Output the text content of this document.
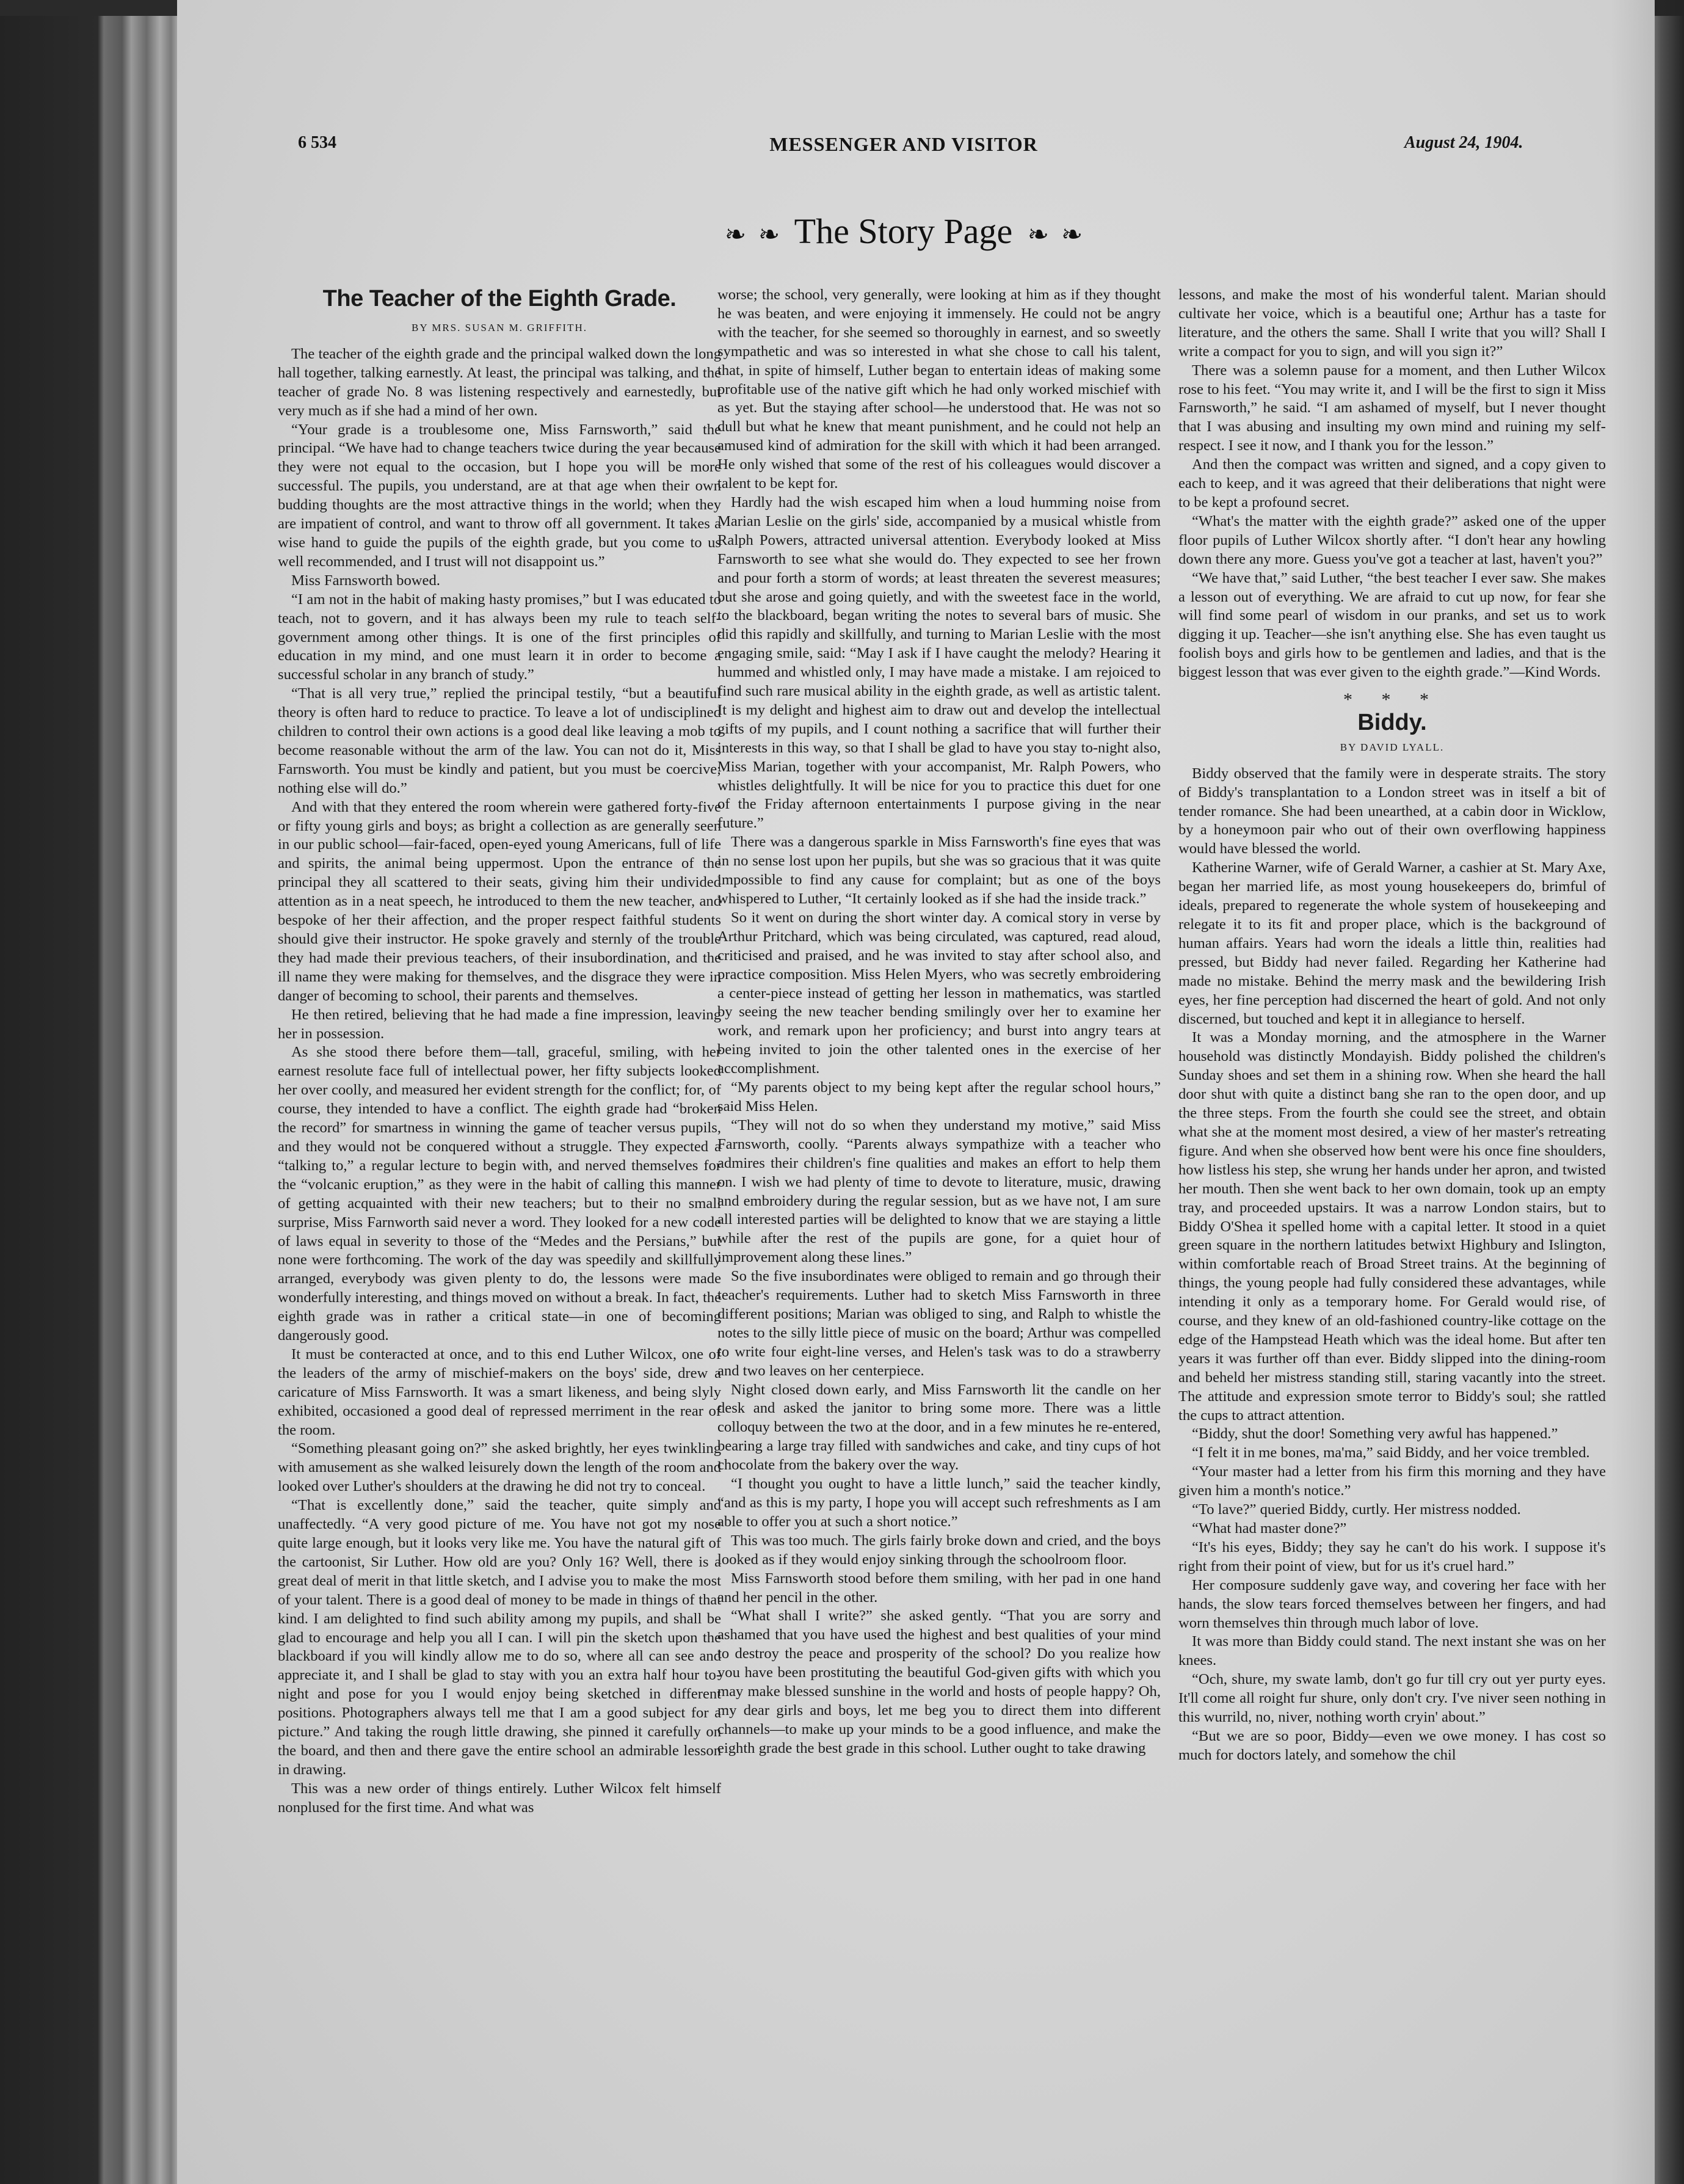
6 534	MESSENGER AND VISITOR	August 24, 1904.
❧ ❧ The Story Page ❧ ❧
The Teacher of the Eighth Grade.
BY MRS. SUSAN M. GRIFFITH.

The teacher of the eighth grade and the principal walked down the long hall together, talking earnestly. At least, the principal was talking, and the teacher of grade No. 8 was listening respectively and earnestedly, but very much as if she had a mind of her own.

“Your grade is a troublesome one, Miss Farnsworth,” said the principal. “We have had to change teachers twice during the year because they were not equal to the occasion, but I hope you will be more successful. The pupils, you understand, are at that age when their own budding thoughts are the most attractive things in the world; when they are impatient of control, and want to throw off all government. It takes a wise hand to guide the pupils of the eighth grade, but you come to us well recommended, and I trust will not disappoint us.”

Miss Farnsworth bowed.

“I am not in the habit of making hasty promises,” but I was educated to teach, not to govern, and it has always been my rule to teach self-government among other things. It is one of the first principles of education in my mind, and one must learn it in order to become a successful scholar in any branch of study.”

“That is all very true,” replied the principal testily, “but a beautiful theory is often hard to reduce to practice. To leave a lot of undisciplined children to control their own actions is a good deal like leaving a mob to become reasonable without the arm of the law. You can not do it, Miss Farnsworth. You must be kindly and patient, but you must be coercive; nothing else will do.”

And with that they entered the room wherein were gathered forty-five or fifty young girls and boys; as bright a collection as are generally seen in our public school—fair-faced, open-eyed young Americans, full of life and spirits, the animal being uppermost. Upon the entrance of the principal they all scattered to their seats, giving him their undivided attention as in a neat speech, he introduced to them the new teacher, and bespoke of her their affection, and the proper respect faithful students should give their instructor. He spoke gravely and sternly of the trouble they had made their previous teachers, of their insubordination, and the ill name they were making for themselves, and the disgrace they were in danger of becoming to school, their parents and themselves.

He then retired, believing that he had made a fine impression, leaving her in possession.

As she stood there before them—tall, graceful, smiling, with her earnest resolute face full of intellectual power, her fifty subjects looked her over coolly, and measured her evident strength for the conflict; for, of course, they intended to have a conflict. The eighth grade had “broken the record” for smartness in winning the game of teacher versus pupils, and they would not be conquered without a struggle. They expected a “talking to,” a regular lecture to begin with, and nerved themselves for the “volcanic eruption,” as they were in the habit of calling this manner of getting acquainted with their new teachers; but to their no small surprise, Miss Farnworth said never a word. They looked for a new code of laws equal in severity to those of the “Medes and the Persians,” but none were forthcoming. The work of the day was speedily and skillfully arranged, everybody was given plenty to do, the lessons were made wonderfully interesting, and things moved on without a break. In fact, the eighth grade was in rather a critical state—in one of becoming dangerously good.

It must be conteracted at once, and to this end Luther Wilcox, one of the leaders of the army of mischief-makers on the boys' side, drew a caricature of Miss Farnsworth. It was a smart likeness, and being slyly exhibited, occasioned a good deal of repressed merriment in the rear of the room.

“Something pleasant going on?” she asked brightly, her eyes twinkling with amusement as she walked leisurely down the length of the room and looked over Luther's shoulders at the drawing he did not try to conceal.

“That is excellently done,” said the teacher, quite simply and unaffectedly. “A very good picture of me. You have not got my nose quite large enough, but it looks very like me. You have the natural gift of the cartoonist, Sir Luther. How old are you? Only 16? Well, there is a great deal of merit in that little sketch, and I advise you to make the most of your talent. There is a good deal of money to be made in things of that kind. I am delighted to find such ability among my pupils, and shall be glad to encourage and help you all I can. I will pin the sketch upon the blackboard if you will kindly allow me to do so, where all can see and appreciate it, and I shall be glad to stay with you an extra half hour to-night and pose for you I would enjoy being sketched in different positions. Photographers always tell me that I am a good subject for a picture.” And taking the rough little drawing, she pinned it carefully on the board, and then and there gave the entire school an admirable lesson in drawing.

This was a new order of things entirely. Luther Wilcox felt himself nonplused for the first time. And what was

worse; the school, very generally, were looking at him as if they thought he was beaten, and were enjoying it immensely. He could not be angry with the teacher, for she seemed so thoroughly in earnest, and so sweetly sympathetic and was so interested in what she chose to call his talent, that, in spite of himself, Luther began to entertain ideas of making some profitable use of the native gift which he had only worked mischief with as yet. But the staying after school—he understood that. He was not so dull but what he knew that meant punishment, and he could not help an amused kind of admiration for the skill with which it had been arranged. He only wished that some of the rest of his colleagues would discover a talent to be kept for.

Hardly had the wish escaped him when a loud humming noise from Marian Leslie on the girls' side, accompanied by a musical whistle from Ralph Powers, attracted universal attention. Everybody looked at Miss Farnsworth to see what she would do. They expected to see her frown and pour forth a storm of words; at least threaten the severest measures; but she arose and going quietly, and with the sweetest face in the world, to the blackboard, began writing the notes to several bars of music. She did this rapidly and skillfully, and turning to Marian Leslie with the most engaging smile, said: “May I ask if I have caught the melody? Hearing it hummed and whistled only, I may have made a mistake. I am rejoiced to find such rare musical ability in the eighth grade, as well as artistic talent. It is my delight and highest aim to draw out and develop the intellectual gifts of my pupils, and I count nothing a sacrifice that will further their interests in this way, so that I shall be glad to have you stay to-night also, Miss Marian, together with your accompanist, Mr. Ralph Powers, who whistles delightfully. It will be nice for you to practice this duet for one of the Friday afternoon entertainments I purpose giving in the near future.”

There was a dangerous sparkle in Miss Farnsworth's fine eyes that was in no sense lost upon her pupils, but she was so gracious that it was quite impossible to find any cause for complaint; but as one of the boys whispered to Luther, “It certainly looked as if she had the inside track.”

So it went on during the short winter day. A comical story in verse by Arthur Pritchard, which was being circulated, was captured, read aloud, criticised and praised, and he was invited to stay after school also, and practice composition. Miss Helen Myers, who was secretly embroidering a center-piece instead of getting her lesson in mathematics, was startled by seeing the new teacher bending smilingly over her to examine her work, and remark upon her proficiency; and burst into angry tears at being invited to join the other talented ones in the exercise of her accomplishment.

“My parents object to my being kept after the regular school hours,” said Miss Helen.

“They will not do so when they understand my motive,” said Miss Farnsworth, coolly. “Parents always sympathize with a teacher who admires their children's fine qualities and makes an effort to help them on. I wish we had plenty of time to devote to literature, music, drawing and embroidery during the regular session, but as we have not, I am sure all interested parties will be delighted to know that we are staying a little while after the rest of the pupils are gone, for a quiet hour of improvement along these lines.”

So the five insubordinates were obliged to remain and go through their teacher's requirements. Luther had to sketch Miss Farnsworth in three different positions; Marian was obliged to sing, and Ralph to whistle the notes to the silly little piece of music on the board; Arthur was compelled to write four eight-line verses, and Helen's task was to do a strawberry and two leaves on her centerpiece.

Night closed down early, and Miss Farnsworth lit the candle on her desk and asked the janitor to bring some more. There was a little colloquy between the two at the door, and in a few minutes he re-entered, bearing a large tray filled with sandwiches and cake, and tiny cups of hot chocolate from the bakery over the way.

“I thought you ought to have a little lunch,” said the teacher kindly, “and as this is my party, I hope you will accept such refreshments as I am able to offer you at such a short notice.”

This was too much. The girls fairly broke down and cried, and the boys looked as if they would enjoy sinking through the schoolroom floor.

Miss Farnsworth stood before them smiling, with her pad in one hand and her pencil in the other.

“What shall I write?” she asked gently. “That you are sorry and ashamed that you have used the highest and best qualities of your mind to destroy the peace and prosperity of the school? Do you realize how you have been prostituting the beautiful God-given gifts with which you may make blessed sunshine in the world and hosts of people happy? Oh, my dear girls and boys, let me beg you to direct them into different channels—to make up your minds to be a good influence, and make the eighth grade the best grade in this school. Luther ought to take drawing

lessons, and make the most of his wonderful talent. Marian should cultivate her voice, which is a beautiful one; Arthur has a taste for literature, and the others the same. Shall I write that you will? Shall I write a compact for you to sign, and will you sign it?”

There was a solemn pause for a moment, and then Luther Wilcox rose to his feet. “You may write it, and I will be the first to sign it Miss Farnsworth,” he said. “I am ashamed of myself, but I never thought that I was abusing and insulting my own mind and ruining my self-respect. I see it now, and I thank you for the lesson.”

And then the compact was written and signed, and a copy given to each to keep, and it was agreed that their deliberations that night were to be kept a profound secret.

“What's the matter with the eighth grade?” asked one of the upper floor pupils of Luther Wilcox shortly after. “I don't hear any howling down there any more. Guess you've got a teacher at last, haven't you?”

“We have that,” said Luther, “the best teacher I ever saw. She makes a lesson out of everything. We are afraid to cut up now, for fear she will find some pearl of wisdom in our pranks, and set us to work digging it up. Teacher—she isn't anything else. She has even taught us foolish boys and girls how to be gentlemen and ladies, and that is the biggest lesson that was ever given to the eighth grade.”—Kind Words.

* * *
Biddy.
BY DAVID LYALL.

Biddy observed that the family were in desperate straits. The story of Biddy's transplantation to a London street was in itself a bit of tender romance. She had been unearthed, at a cabin door in Wicklow, by a honeymoon pair who out of their own overflowing happiness would have blessed the world.

Katherine Warner, wife of Gerald Warner, a cashier at St. Mary Axe, began her married life, as most young housekeepers do, brimful of ideals, prepared to regenerate the whole system of housekeeping and relegate it to its fit and proper place, which is the background of human affairs. Years had worn the ideals a little thin, realities had pressed, but Biddy had never failed. Regarding her Katherine had made no mistake. Behind the merry mask and the bewildering Irish eyes, her fine perception had discerned the heart of gold. And not only discerned, but touched and kept it in allegiance to herself.

It was a Monday morning, and the atmosphere in the Warner household was distinctly Mondayish. Biddy polished the children's Sunday shoes and set them in a shining row. When she heard the hall door shut with quite a distinct bang she ran to the open door, and up the three steps. From the fourth she could see the street, and obtain what she at the moment most desired, a view of her master's retreating figure. And when she observed how bent were his once fine shoulders, how listless his step, she wrung her hands under her apron, and twisted her mouth. Then she went back to her own domain, took up an empty tray, and proceeded upstairs. It was a narrow London stairs, but to Biddy O'Shea it spelled home with a capital letter. It stood in a quiet green square in the northern latitudes betwixt Highbury and Islington, within comfortable reach of Broad Street trains. At the beginning of things, the young people had fully considered these advantages, while intending it only as a temporary home. For Gerald would rise, of course, and they knew of an old-fashioned country-like cottage on the edge of the Hampstead Heath which was the ideal home. But after ten years it was further off than ever. Biddy slipped into the dining-room and beheld her mistress standing still, staring vacantly into the street. The attitude and expression smote terror to Biddy's soul; she rattled the cups to attract attention.

“Biddy, shut the door! Something very awful has happened.”

“I felt it in me bones, ma'ma,” said Biddy, and her voice trembled.

“Your master had a letter from his firm this morning and they have given him a month's notice.”

“To lave?” queried Biddy, curtly. Her mistress nodded.

“What had master done?”

“It's his eyes, Biddy; they say he can't do his work. I suppose it's right from their point of view, but for us it's cruel hard.”

Her composure suddenly gave way, and covering her face with her hands, the slow tears forced themselves between her fingers, and had worn themselves thin through much labor of love.

It was more than Biddy could stand. The next instant she was on her knees.

“Och, shure, my swate lamb, don't go fur till cry out yer purty eyes. It'll come all roight fur shure, only don't cry. I've niver seen nothing in this wurrild, no, niver, nothing worth cryin' about.”

“But we are so poor, Biddy—even we owe money. I has cost so much for doctors lately, and somehow the chil
